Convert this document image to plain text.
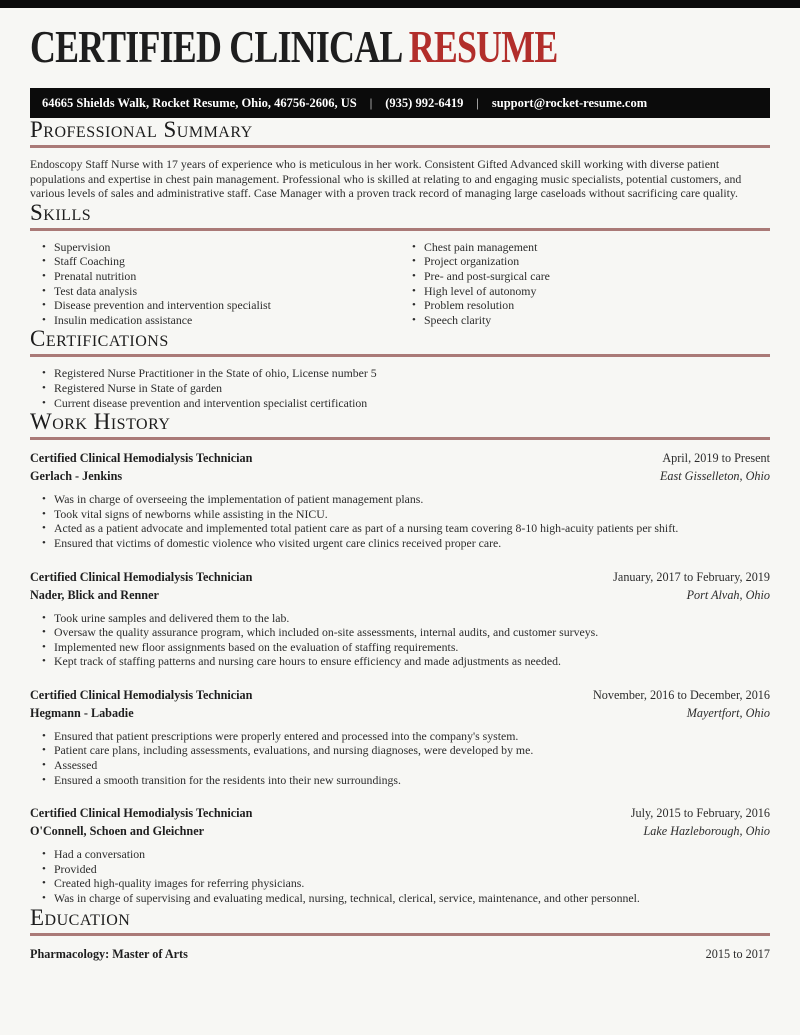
CERTIFIED CLINICAL RESUME
64665 Shields Walk, Rocket Resume, Ohio, 46756-2606, US | (935) 992-6419 | support@rocket-resume.com
Professional Summary

Endoscopy Staff Nurse with 17 years of experience who is meticulous in her work. Consistent Gifted Advanced skill working with diverse patient populations and expertise in chest pain management. Professional who is skilled at relating to and engaging music specialists, potential customers, and various levels of sales and administrative staff. Case Manager with a proven track record of managing large caseloads without sacrificing care quality.

Skills
• Supervision
• Staff Coaching
• Prenatal nutrition
• Test data analysis
• Disease prevention and intervention specialist
• Insulin medication assistance
• Chest pain management
• Project organization
• Pre- and post-surgical care
• High level of autonomy
• Problem resolution
• Speech clarity
Certifications
• Registered Nurse Practitioner in the State of ohio, License number 5
• Registered Nurse in State of garden
• Current disease prevention and intervention specialist certification
Work History
Certified Clinical Hemodialysis Technician	April, 2019 to Present
Gerlach - Jenkins	East Gisselleton, Ohio
• Was in charge of overseeing the implementation of patient management plans.
• Took vital signs of newborns while assisting in the NICU.
• Acted as a patient advocate and implemented total patient care as part of a nursing team covering 8-10 high-acuity patients per shift.
• Ensured that victims of domestic violence who visited urgent care clinics received proper care.
Certified Clinical Hemodialysis Technician	January, 2017 to February, 2019
Nader, Blick and Renner	Port Alvah, Ohio
• Took urine samples and delivered them to the lab.
• Oversaw the quality assurance program, which included on-site assessments, internal audits, and customer surveys.
• Implemented new floor assignments based on the evaluation of staffing requirements.
• Kept track of staffing patterns and nursing care hours to ensure efficiency and made adjustments as needed.
Certified Clinical Hemodialysis Technician	November, 2016 to December, 2016
Hegmann - Labadie	Mayertfort, Ohio
• Ensured that patient prescriptions were properly entered and processed into the company's system.
• Patient care plans, including assessments, evaluations, and nursing diagnoses, were developed by me.
• Assessed
• Ensured a smooth transition for the residents into their new surroundings.
Certified Clinical Hemodialysis Technician	July, 2015 to February, 2016
O'Connell, Schoen and Gleichner	Lake Hazleborough, Ohio
• Had a conversation
• Provided
• Created high-quality images for referring physicians.
• Was in charge of supervising and evaluating medical, nursing, technical, clerical, service, maintenance, and other personnel.
Education
Pharmacology: Master of Arts	2015 to 2017
